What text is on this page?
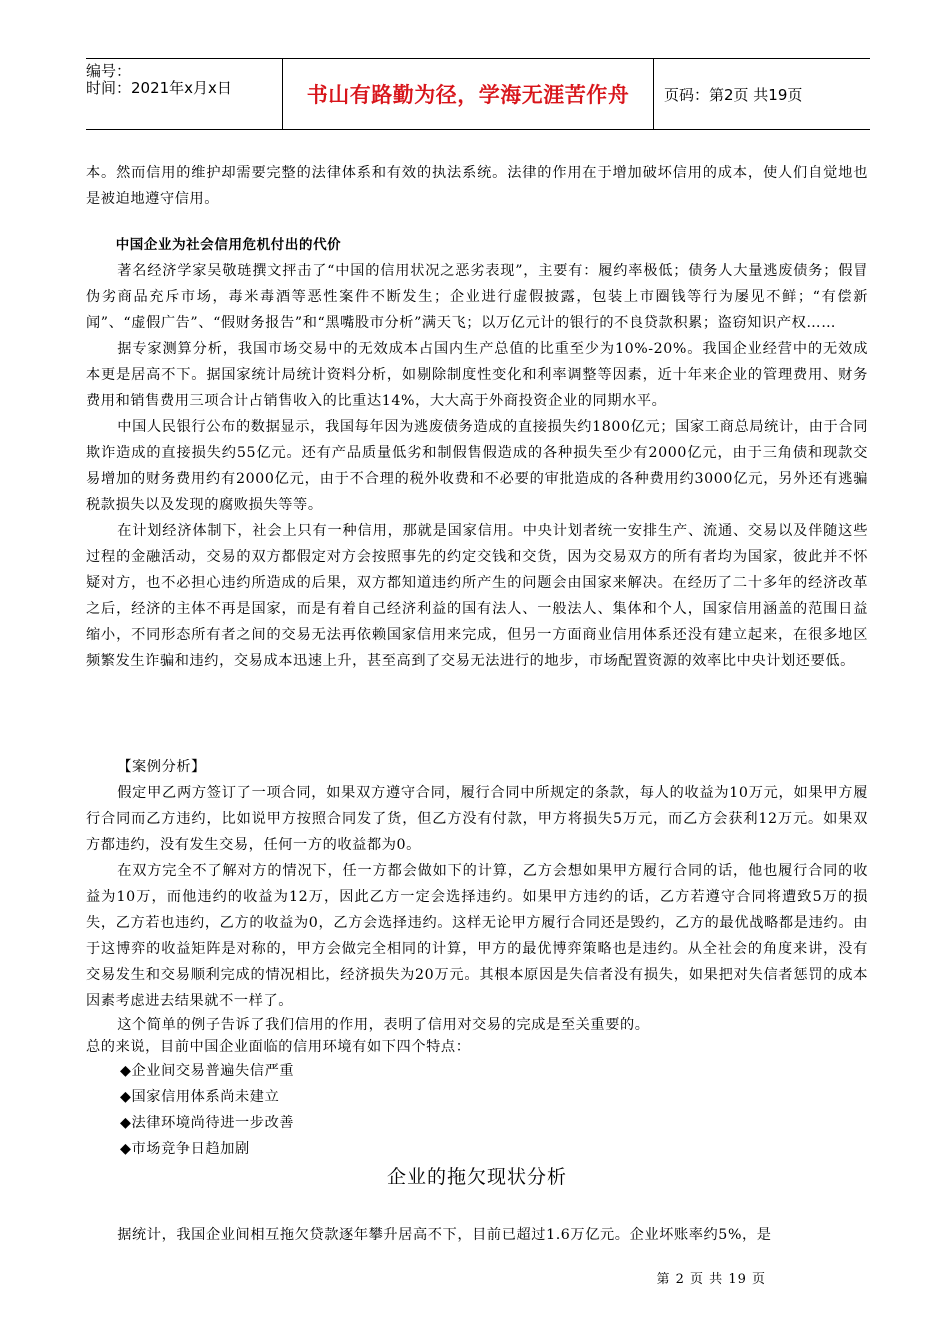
编号：
时间：2021年x月x日	书山有路勤为径，学海无涯苦作舟	页码：第2页 共19页

本。然而信用的维护却需要完整的法律体系和有效的执法系统。法律的作用在于增加破坏信用的成本，使人们自觉地也是被迫地遵守信用。

中国企业为社会信用危机付出的代价

著名经济学家吴敬琏撰文抨击了“中国的信用状况之恶劣表现”，主要有：履约率极低；债务人大量逃废债务；假冒伪劣商品充斥市场，毒米毒酒等恶性案件不断发生；企业进行虚假披露，包装上市圈钱等行为屡见不鲜；“有偿新闻”、“虚假广告”、“假财务报告”和“黑嘴股市分析”满天飞；以万亿元计的银行的不良贷款积累；盗窃知识产权……

据专家测算分析，我国市场交易中的无效成本占国内生产总值的比重至少为10%-20%。我国企业经营中的无效成本更是居高不下。据国家统计局统计资料分析，如剔除制度性变化和利率调整等因素，近十年来企业的管理费用、财务费用和销售费用三项合计占销售收入的比重达14%，大大高于外商投资企业的同期水平。

中国人民银行公布的数据显示，我国每年因为逃废债务造成的直接损失约1800亿元；国家工商总局统计，由于合同欺诈造成的直接损失约55亿元。还有产品质量低劣和制假售假造成的各种损失至少有2000亿元，由于三角债和现款交易增加的财务费用约有2000亿元，由于不合理的税外收费和不必要的审批造成的各种费用约3000亿元，另外还有逃骗税款损失以及发现的腐败损失等等。

在计划经济体制下，社会上只有一种信用，那就是国家信用。中央计划者统一安排生产、流通、交易以及伴随这些过程的金融活动，交易的双方都假定对方会按照事先的约定交钱和交货，因为交易双方的所有者均为国家，彼此并不怀疑对方，也不必担心违约所造成的后果，双方都知道违约所产生的问题会由国家来解决。在经历了二十多年的经济改革之后，经济的主体不再是国家，而是有着自己经济利益的国有法人、一般法人、集体和个人，国家信用涵盖的范围日益缩小，不同形态所有者之间的交易无法再依赖国家信用来完成，但另一方面商业信用体系还没有建立起来，在很多地区频繁发生诈骗和违约，交易成本迅速上升，甚至高到了交易无法进行的地步，市场配置资源的效率比中央计划还要低。

【案例分析】

假定甲乙两方签订了一项合同，如果双方遵守合同，履行合同中所规定的条款，每人的收益为10万元，如果甲方履行合同而乙方违约，比如说甲方按照合同发了货，但乙方没有付款，甲方将损失5万元，而乙方会获利12万元。如果双方都违约，没有发生交易，任何一方的收益都为0。

在双方完全不了解对方的情况下，任一方都会做如下的计算，乙方会想如果甲方履行合同的话，他也履行合同的收益为10万，而他违约的收益为12万，因此乙方一定会选择违约。如果甲方违约的话，乙方若遵守合同将遭致5万的损失，乙方若也违约，乙方的收益为0，乙方会选择违约。这样无论甲方履行合同还是毁约，乙方的最优战略都是违约。由于这博弈的收益矩阵是对称的，甲方会做完全相同的计算，甲方的最优博弈策略也是违约。从全社会的角度来讲，没有交易发生和交易顺利完成的情况相比，经济损失为20万元。其根本原因是失信者没有损失，如果把对失信者惩罚的成本因素考虑进去结果就不一样了。

这个简单的例子告诉了我们信用的作用，表明了信用对交易的完成是至关重要的。

总的来说，目前中国企业面临的信用环境有如下四个特点：

◆企业间交易普遍失信严重

◆国家信用体系尚未建立

◆法律环境尚待进一步改善

◆市场竞争日趋加剧

企业的拖欠现状分析

据统计，我国企业间相互拖欠贷款逐年攀升居高不下，目前已超过1.6万亿元。企业坏账率约5%，是

第 2 页 共 19 页
